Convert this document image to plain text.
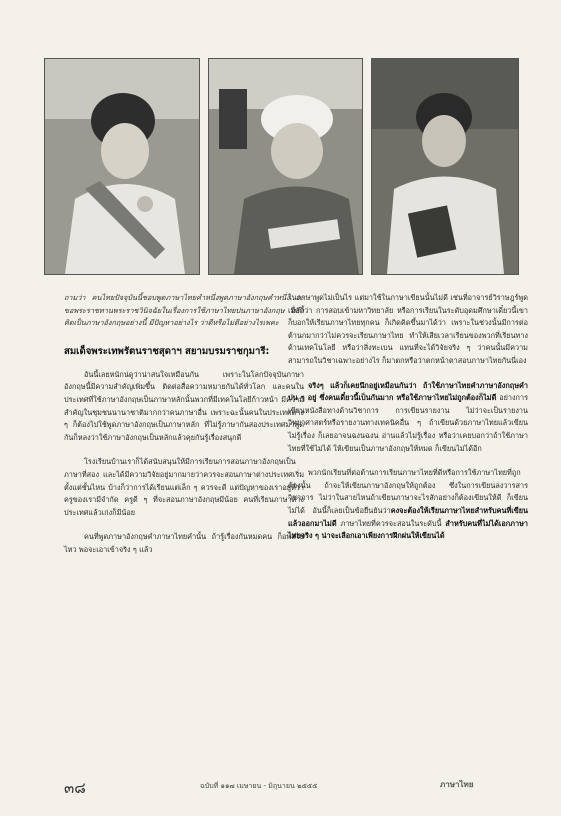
ถามว่า คนไทยปัจจุบันนี้ชอบพูดภาษาไทยคำหนึ่งพูดภาษาอังกฤษคำหนึ่ง จะขอพระราชทานพระราชวินิจฉัยในเรื่องการใช้ภาษาไทยปนภาษาอังกฤษ หรือคิดเป็นภาษาอังกฤษอย่างนี้ มีปัญหาอย่างไร ว่าดีหรือไม่ดีอย่างไรเพคะ

สมเด็จพระเทพรัตนราชสุดาฯ สยามบรมราชกุมารี:

อันนี้เลยหนักน่ดูว่าน่าสนใจเหมือนกัน เพราะในโลกปัจจุบันภาษาอังกฤษนี้มีความสำคัญเพิ่มขึ้น ติดต่อสื่อความหมายกันได้ทั่วโลก และคนในประเทศที่ใช้ภาษาอังกฤษเป็นภาษาหลักนั้นพวกที่มีเทคโนโลยีก้าวหน้า มีความสำคัญในชุมชนนานาชาติมากกว่าคนภาษาอื่น เพราะฉะนั้นคนในประเทศต่าง ๆ ก็ต้องไปใช้พูดภาษาอังกฤษเป็นภาษาหลัก ที่ไม่รู้ภาษากันสองประเทศมาพูดกันก็หลงว่าใช้ภาษาอังกฤษเป็นหลักแล้วคุยกันรู้เรื่องสนุกดี

โรงเรียนบ้านเราก็ได้สนับสนุนให้มีการเรียนการสอนภาษาอังกฤษเป็นภาษาที่สอง และได้มีความวิจัยอยู่มากมายว่าควรจะสอนภาษาต่างประเทศเริ่มตั้งแต่ชั้นไหน บ้างก็ว่าการได้เรียนแต่เล็ก ๆ ควรจะดี แต่ปัญหาของเราอยู่ที่ว่าครูของเรามีจำกัด ครูดี ๆ ที่จะสอนภาษาอังกฤษมีน้อย คนที่เรียนภาษาต่างประเทศแล้วเก่งก็มีน้อย

คนที่พูดภาษาอังกฤษคำภาษาไทยคำนั้น ถ้ารู้เรื่องกันหมดคน ก็อพลไปไหว พอจะเอาเข้าจริง ๆ แล้ว

ในภาษาพูดไม่เป็นไร แต่มาใช้ในภาษาเขียนนั้นไม่ดี เช่นที่อาจารย์วิราษฎร์พูดเมื่อกี้ว่า การสอบเข้ามหาวิทยาลัย หรือการเรียนในระดับอุดมศึกษาเดี๋ยวนี้เขาก็บอกให้เรียนภาษาไทยทุกคน ก็เกิดคิดขึ้นมาได้ว่า เพราะในช่วงนั้นมีการต่อต้านกมากว่าไม่ควรจะเรียนภาษาไทย ทำให้เสียเวลาเรียนของพวกที่เรียนทางด้านเทคโนโลยี หรือว่าสิ่งทะเบน แทนที่จะได้วิจัยจริง ๆ ว่าคนนั้นมีความสามารถในวิชาเฉพาะอย่างไร ก็มาตกหรือว่าตกหน้าตาสอบภาษาไทยกันนี่เอง

จริงๆ แล้วก็เคยนึกอยู่เหมือนกันว่า ถ้าใช้ภาษาไทยคำภาษาอังกฤษคำปน ๆ อยู่ ซึ่งคนเดี๋ยวนี้เป็นกันมาก หรือใช้ภาษาไทยไม่ถูกต้องก็ไม่ดี อย่างการเขียนหนังสือทางด้านวิชาการ การเขียนรายงาน ไม่ว่าจะเป็นรายงานวิทยาศาสตร์หรือรายงานทางเทคนิคอื่น ๆ ถ้าเขียนด้วยภาษาไทยแล้วเขียนไม่รู้เรื่อง ก็เลยอาจนฉงนฉงน อ่านแล้วไม่รู้เรื่อง หรือว่าเคยบอกว่าถ้าใช้ภาษาไทยที่ใช้ไม่ได้ ให้เขียนเป็นภาษาอังกฤษให้หมด ก็เขียนไม่ได้อีก

พวกนักเรียนที่ต่อต้านการเรียนภาษาไทยที่ดีหรือการใช้ภาษาไทยที่ถูกต้องนั้น ถ้าจะให้เขียนภาษาอังกฤษให้ถูกต้อง ซึ่งในการเขียนลงวารสารวิชาการ ไม่ว่าในสายไหนถ้าเขียนภาษาจะไรสักอย่างก็ต้องเขียนให้ดี ก็เขียนไม่ได้ อันนี้ก็เลยเป็นข้อยืนยันว่าคงจะต้องให้เรียนภาษาไทยสำหรับคนที่เขียนแล้วออกมาไม่ดี ภาษาไทยที่ควรจะสอนในระดับนี้ สำหรับคนที่ไม่ได้เอกภาษาไทยจริง ๆ น่าจะเลือกเอาเพียงการฝึกฝนให้เขียนได้

๓๘	ฉบับที่ ๑๑๗ เมษายน - มิถุนายน ๒๕๕๕	ภาษาไทย
